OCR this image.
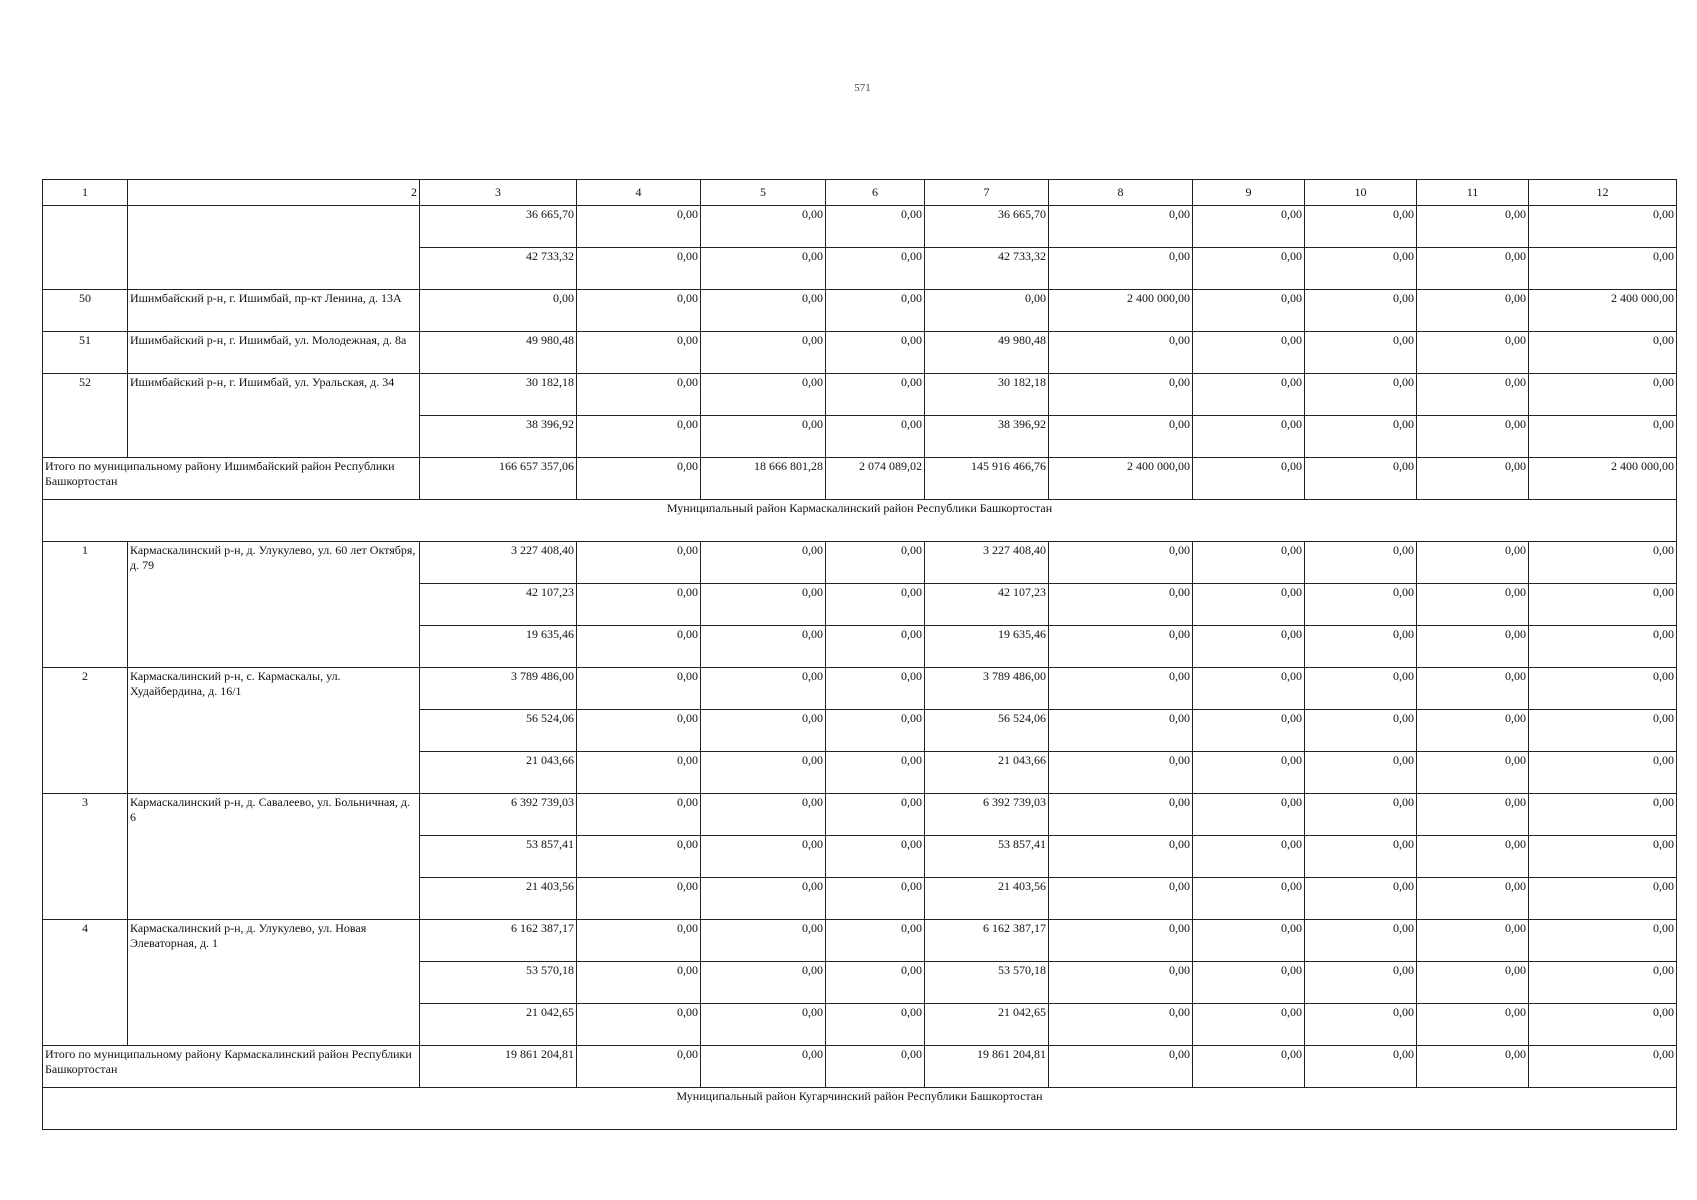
571
1	2	3	4	5	6	7	8	9	10	11	12
		36 665,70	0,00	0,00	0,00	36 665,70	0,00	0,00	0,00	0,00	0,00
		42 733,32	0,00	0,00	0,00	42 733,32	0,00	0,00	0,00	0,00	0,00
50	Ишимбайский р-н, г. Ишимбай, пр-кт Ленина, д. 13А	0,00	0,00	0,00	0,00	0,00	2 400 000,00	0,00	0,00	0,00	2 400 000,00
51	Ишимбайский р-н, г. Ишимбай, ул. Молодежная, д. 8а	49 980,48	0,00	0,00	0,00	49 980,48	0,00	0,00	0,00	0,00	0,00
52	Ишимбайский р-н, г. Ишимбай, ул. Уральская, д. 34	30 182,18	0,00	0,00	0,00	30 182,18	0,00	0,00	0,00	0,00	0,00
		38 396,92	0,00	0,00	0,00	38 396,92	0,00	0,00	0,00	0,00	0,00
Итого по муниципальному району Ишимбайский район Республики Башкортостан		166 657 357,06	0,00	18 666 801,28	2 074 089,02	145 916 466,76	2 400 000,00	0,00	0,00	0,00	2 400 000,00
Муниципальный район Кармаскалинский район Республики Башкортостан											
1	Кармаскалинский р-н, д. Улукулево, ул. 60 лет Октября, д. 79	3 227 408,40	0,00	0,00	0,00	3 227 408,40	0,00	0,00	0,00	0,00	0,00
		42 107,23	0,00	0,00	0,00	42 107,23	0,00	0,00	0,00	0,00	0,00
		19 635,46	0,00	0,00	0,00	19 635,46	0,00	0,00	0,00	0,00	0,00
2	Кармаскалинский р-н, с. Кармаскалы, ул. Худайбердина, д. 16/1	3 789 486,00	0,00	0,00	0,00	3 789 486,00	0,00	0,00	0,00	0,00	0,00
		56 524,06	0,00	0,00	0,00	56 524,06	0,00	0,00	0,00	0,00	0,00
		21 043,66	0,00	0,00	0,00	21 043,66	0,00	0,00	0,00	0,00	0,00
3	Кармаскалинский р-н, д. Савалеево, ул. Больничная, д. 6	6 392 739,03	0,00	0,00	0,00	6 392 739,03	0,00	0,00	0,00	0,00	0,00
		53 857,41	0,00	0,00	0,00	53 857,41	0,00	0,00	0,00	0,00	0,00
		21 403,56	0,00	0,00	0,00	21 403,56	0,00	0,00	0,00	0,00	0,00
4	Кармаскалинский р-н, д. Улукулево, ул. Новая Элеваторная, д. 1	6 162 387,17	0,00	0,00	0,00	6 162 387,17	0,00	0,00	0,00	0,00	0,00
		53 570,18	0,00	0,00	0,00	53 570,18	0,00	0,00	0,00	0,00	0,00
		21 042,65	0,00	0,00	0,00	21 042,65	0,00	0,00	0,00	0,00	0,00
Итого по муниципальному району Кармаскалинский район Республики Башкортостан		19 861 204,81	0,00	0,00	0,00	19 861 204,81	0,00	0,00	0,00	0,00	0,00
Муниципальный район Кугарчинский район Республики Башкортостан											
